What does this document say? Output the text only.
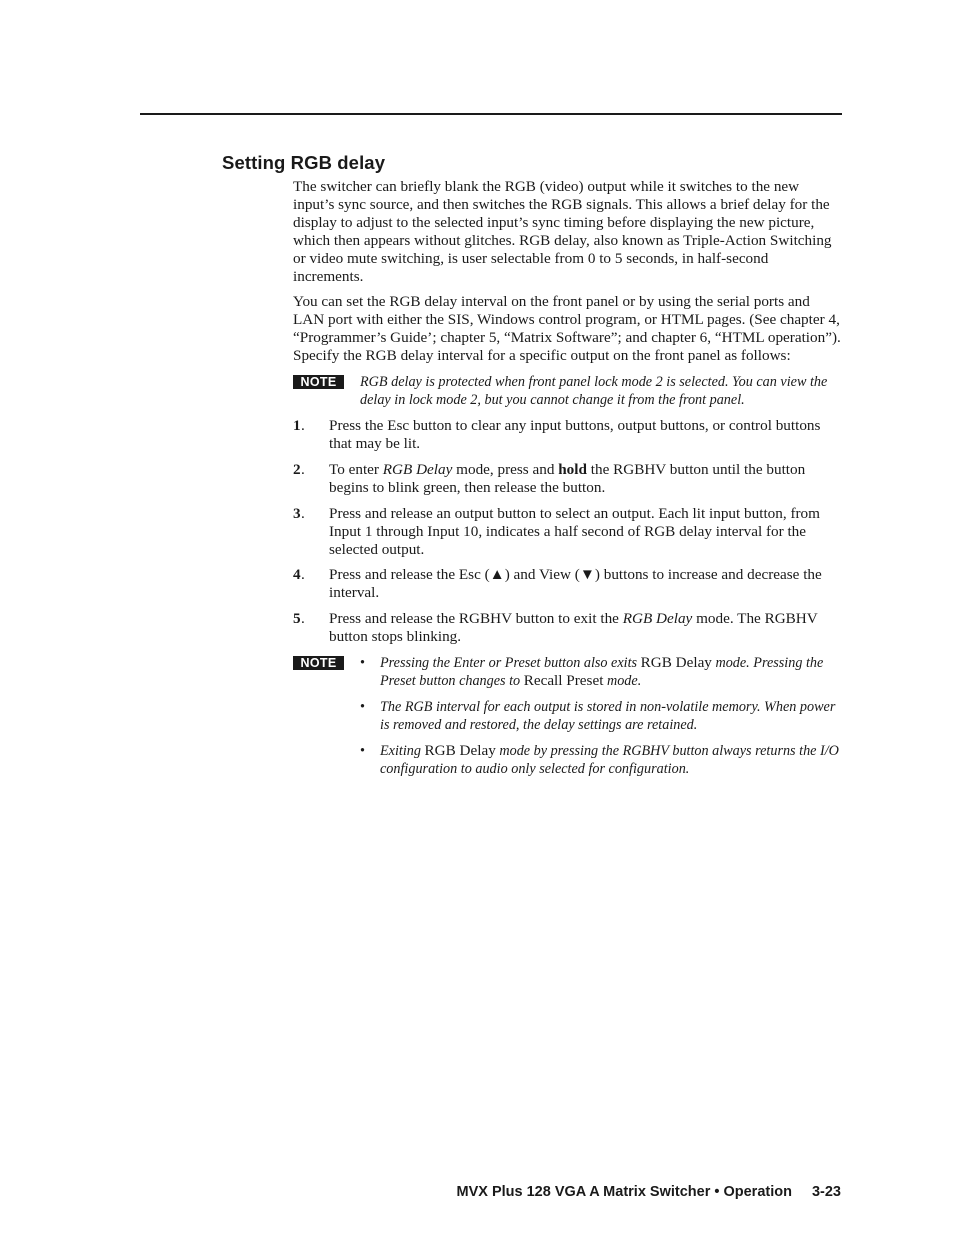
Setting RGB delay

The switcher can briefly blank the RGB (video) output while it switches to the new input’s sync source, and then switches the RGB signals. This allows a brief delay for the display to adjust to the selected input’s sync timing before displaying the new picture, which then appears without glitches. RGB delay, also known as Triple-Action Switching or video mute switching, is user selectable from 0 to 5 seconds, in half-second increments.

You can set the RGB delay interval on the front panel or by using the serial ports and LAN port with either the SIS, Windows control program, or HTML pages. (See chapter 4, “Programmer’s Guide’; chapter 5, “Matrix Software”; and chapter 6, “HTML operation”). Specify the RGB delay interval for a specific output on the front panel as follows:

NOTE	RGB delay is protected when front panel lock mode 2 is selected. You can view the delay in lock mode 2, but you cannot change it from the front panel.
1 . Press the Esc button to clear any input buttons, output buttons, or control buttons that may be lit.
2 . To enter RGB Delay mode, press and hold the RGBHV button until the button begins to blink green, then release the button.
3 . Press and release an output button to select an output. Each lit input button, from Input 1 through Input 10, indicates a half second of RGB delay interval for the selected output.
4 . Press and release the Esc (▲) and View (▼) buttons to increase and decrease the interval.
5 . Press and release the RGBHV button to exit the RGB Delay mode. The RGBHV button stops blinking.
NOTE	• Pressing the Enter or Preset button also exits RGB Delay mode. Pressing the Preset button changes to Recall Preset mode.
• The RGB interval for each output is stored in non-volatile memory. When power is removed and restored, the delay settings are retained.
• Exiting RGB Delay mode by pressing the RGBHV button always returns the I/O configuration to audio only selected for configuration.
MVX Plus 128 VGA A Matrix Switcher • Operation 3-23
